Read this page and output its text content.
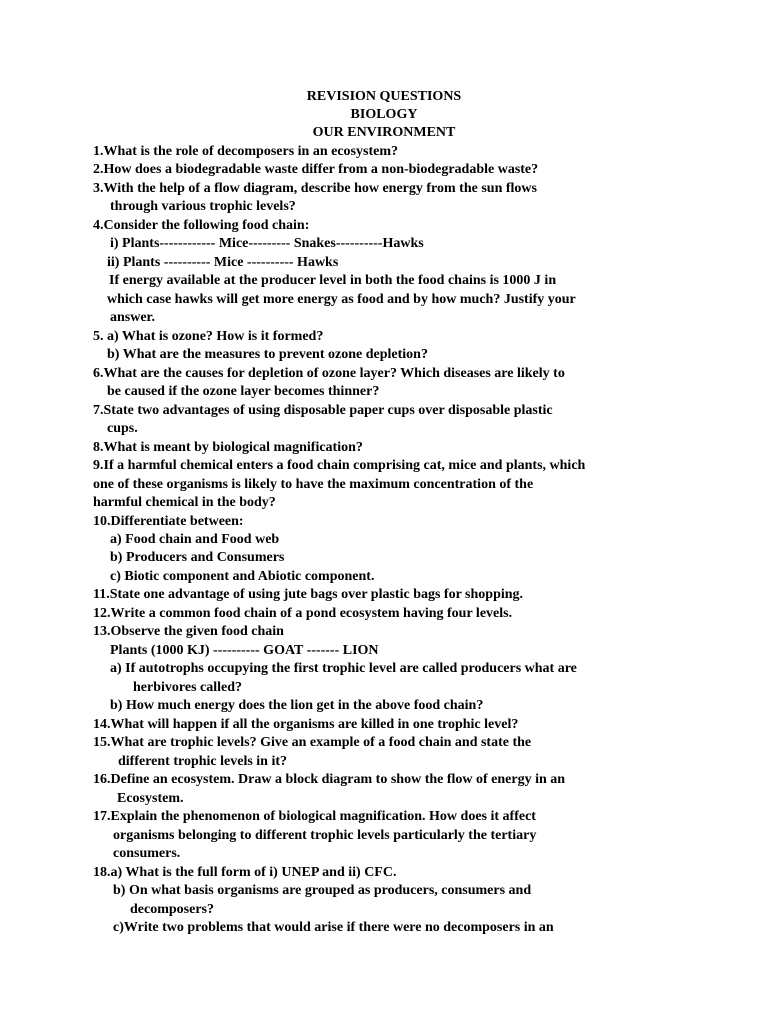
REVISION QUESTIONS
BIOLOGY
OUR ENVIRONMENT
1.What is the role of decomposers in an ecosystem?
2.How does a biodegradable waste differ from a non-biodegradable waste?
3.With the help of a flow diagram, describe how energy from the sun flows
through various trophic levels?
4.Consider the following food chain:
i) Plants------------ Mice--------- Snakes----------Hawks
ii) Plants ---------- Mice ---------- Hawks
If energy available at the producer level in both the food chains is 1000 J in
which case hawks will get more energy as food and by how much? Justify your
answer.
5. a) What is ozone? How is it formed?
b) What are the measures to prevent ozone depletion?
6.What are the causes for depletion of ozone layer? Which diseases are likely to
be caused if the ozone layer becomes thinner?
7.State two advantages of using disposable paper cups over disposable plastic
cups.
8.What is meant by biological magnification?
9.If a harmful chemical enters a food chain comprising cat, mice and plants, which
one of these organisms is likely to have the maximum concentration of the
harmful chemical in the body?
10.Differentiate between:
a) Food chain and Food web
b) Producers and Consumers
c) Biotic component and Abiotic component.
11.State one advantage of using jute bags over plastic bags for shopping.
12.Write a common food chain of a pond ecosystem having four levels.
13.Observe the given food chain
Plants (1000 KJ) ---------- GOAT ------- LION
a) If autotrophs occupying the first trophic level are called producers what are
herbivores called?
b) How much energy does the lion get in the above food chain?
14.What will happen if all the organisms are killed in one trophic level?
15.What are trophic levels? Give an example of a food chain and state the
different trophic levels in it?
16.Define an ecosystem. Draw a block diagram to show the flow of energy in an
Ecosystem.
17.Explain the phenomenon of biological magnification. How does it affect
organisms belonging to different trophic levels particularly the tertiary
consumers.
18.a) What is the full form of i) UNEP and ii) CFC.
b) On what basis organisms are grouped as producers, consumers and
decomposers?
c)Write two problems that would arise if there were no decomposers in an
